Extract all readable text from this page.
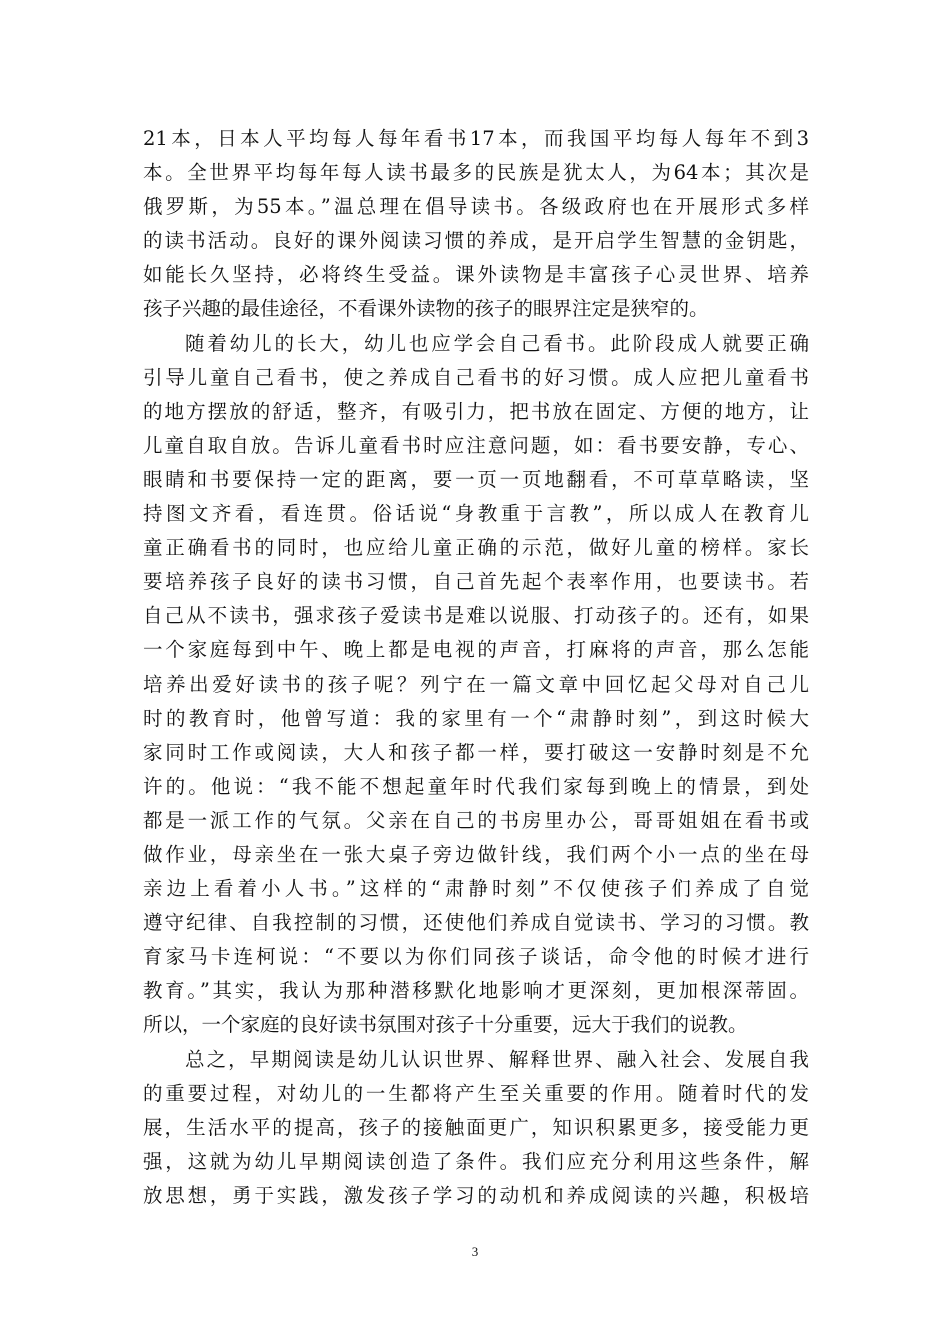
21本，日本人平均每人每年看书17本，而我国平均每人每年不到3
本。全世界平均每年每人读书最多的民族是犹太人，为64本；其次是
俄罗斯，为55本。”温总理在倡导读书。各级政府也在开展形式多样
的读书活动。良好的课外阅读习惯的养成，是开启学生智慧的金钥匙，
如能长久坚持，必将终生受益。课外读物是丰富孩子心灵世界、培养
孩子兴趣的最佳途径，不看课外读物的孩子的眼界注定是狭窄的。
随着幼儿的长大，幼儿也应学会自己看书。此阶段成人就要正确
引导儿童自己看书，使之养成自己看书的好习惯。成人应把儿童看书
的地方摆放的舒适，整齐，有吸引力，把书放在固定、方便的地方，让
儿童自取自放。告诉儿童看书时应注意问题，如：看书要安静，专心、
眼睛和书要保持一定的距离，要一页一页地翻看，不可草草略读，坚
持图文齐看，看连贯。俗话说“身教重于言教”，所以成人在教育儿
童正确看书的同时，也应给儿童正确的示范，做好儿童的榜样。家长
要培养孩子良好的读书习惯，自己首先起个表率作用，也要读书。若
自己从不读书，强求孩子爱读书是难以说服、打动孩子的。还有，如果
一个家庭每到中午、晚上都是电视的声音，打麻将的声音，那么怎能
培养出爱好读书的孩子呢？列宁在一篇文章中回忆起父母对自己儿
时的教育时，他曾写道：我的家里有一个“肃静时刻”，到这时候大
家同时工作或阅读，大人和孩子都一样，要打破这一安静时刻是不允
许的。他说：“我不能不想起童年时代我们家每到晚上的情景，到处
都是一派工作的气氛。父亲在自己的书房里办公，哥哥姐姐在看书或
做作业，母亲坐在一张大桌子旁边做针线，我们两个小一点的坐在母
亲边上看着小人书。”这样的“肃静时刻”不仅使孩子们养成了自觉
遵守纪律、自我控制的习惯，还使他们养成自觉读书、学习的习惯。教
育家马卡连柯说：“不要以为你们同孩子谈话，命令他的时候才进行
教育。”其实，我认为那种潜移默化地影响才更深刻，更加根深蒂固。
所以，一个家庭的良好读书氛围对孩子十分重要，远大于我们的说教。
总之，早期阅读是幼儿认识世界、解释世界、融入社会、发展自我
的重要过程，对幼儿的一生都将产生至关重要的作用。随着时代的发
展，生活水平的提高，孩子的接触面更广，知识积累更多，接受能力更
强，这就为幼儿早期阅读创造了条件。我们应充分利用这些条件，解
放思想，勇于实践，激发孩子学习的动机和养成阅读的兴趣，积极培
3
